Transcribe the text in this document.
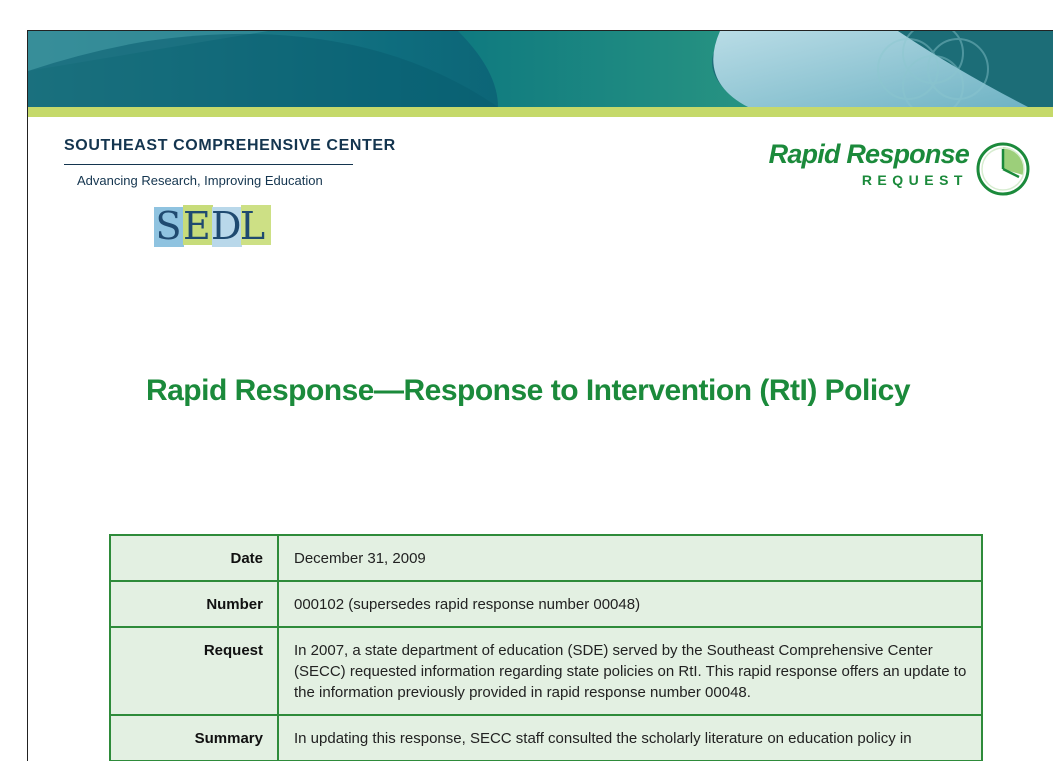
SOUTHEAST COMPREHENSIVE CENTER
Advancing Research, Improving Education
S E D
L
Rapid Response
REQUEST
Rapid Response—Response to Intervention (RtI) Policy
Date	December 31, 2009
Number	000102 (supersedes rapid response number 00048)
Request	In 2007, a state department of education (SDE) served by the Southeast Comprehensive Center (SECC) requested information regarding state policies on RtI. This rapid response offers an update to the information previously provided in rapid response number 00048.
Summary	In updating this response, SECC staff consulted the scholarly literature on education policy in
